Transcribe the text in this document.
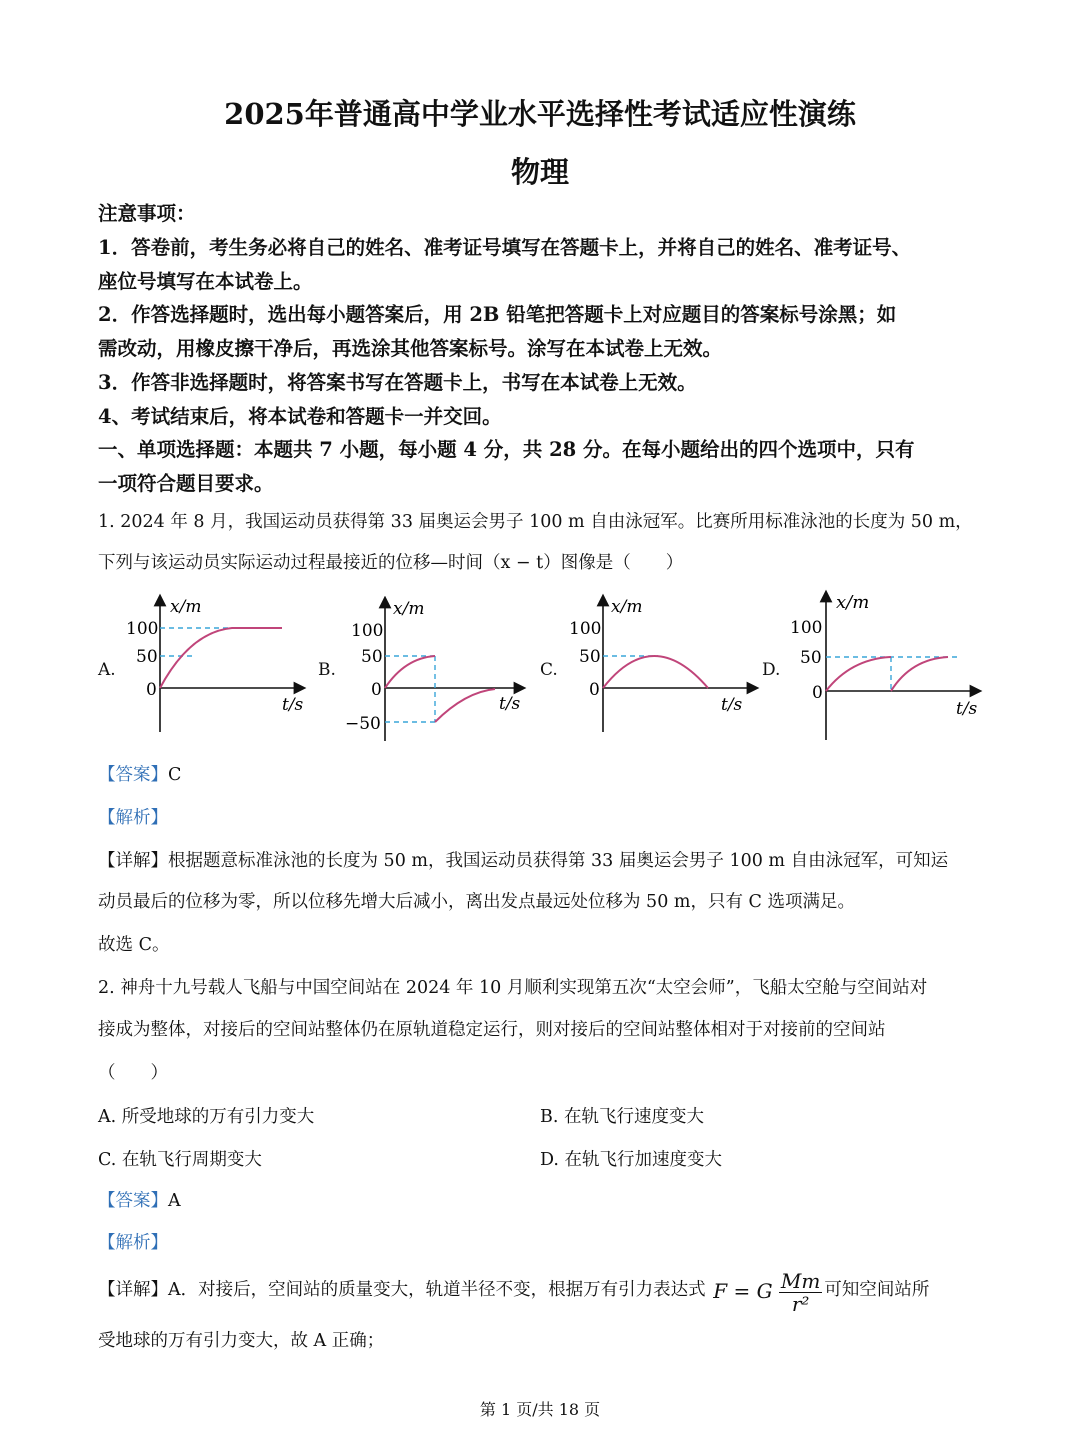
2025年普通高中学业水平选择性考试适应性演练
物理
注意事项：
1．答卷前，考生务必将自己的姓名、准考证号填写在答题卡上，并将自己的姓名、准考证号、
座位号填写在本试卷上。
2．作答选择题时，选出每小题答案后，用 2B 铅笔把答题卡上对应题目的答案标号涂黑；如
需改动，用橡皮擦干净后，再选涂其他答案标号。涂写在本试卷上无效。
3．作答非选择题时，将答案书写在答题卡上，书写在本试卷上无效。
4、考试结束后，将本试卷和答题卡一并交回。
一、单项选择题：本题共 7 小题，每小题 4 分，共 28 分。在每小题给出的四个选项中，只有
一项符合题目要求。
1. 2024 年 8 月，我国运动员获得第 33 届奥运会男子 100 m 自由泳冠军。比赛所用标准泳池的长度为 50 m，
下列与该运动员实际运动过程最接近的位移—时间（x − t）图像是（　　）
A.	B.	C.	D.
x/m
100
50
0
t/s
x/m
100
50
0
−50
t/s
x/m
100
50
0
t/s
x/m
100
50
0
t/s
【答案】C
【解析】
【详解】根据题意标准泳池的长度为 50 m，我国运动员获得第 33 届奥运会男子 100 m 自由泳冠军，可知运
动员最后的位移为零，所以位移先增大后减小，离出发点最远处位移为 50 m，只有 C 选项满足。
故选 C。
2. 神舟十九号载人飞船与中国空间站在 2024 年 10 月顺利实现第五次“太空会师”，飞船太空舱与空间站对
接成为整体，对接后的空间站整体仍在原轨道稳定运行，则对接后的空间站整体相对于对接前的空间站
（　　）
A. 所受地球的万有引力变大	B. 在轨飞行速度变大
C. 在轨飞行周期变大	D. 在轨飞行加速度变大
【答案】A
【解析】
【详解】A．对接后，空间站的质量变大，轨道半径不变，根据万有引力表达式 F = G $\frac{Mm}{\text{r²}}$ 可知空间站所
受地球的万有引力变大，故 A 正确；
第 1 页/共 18 页
